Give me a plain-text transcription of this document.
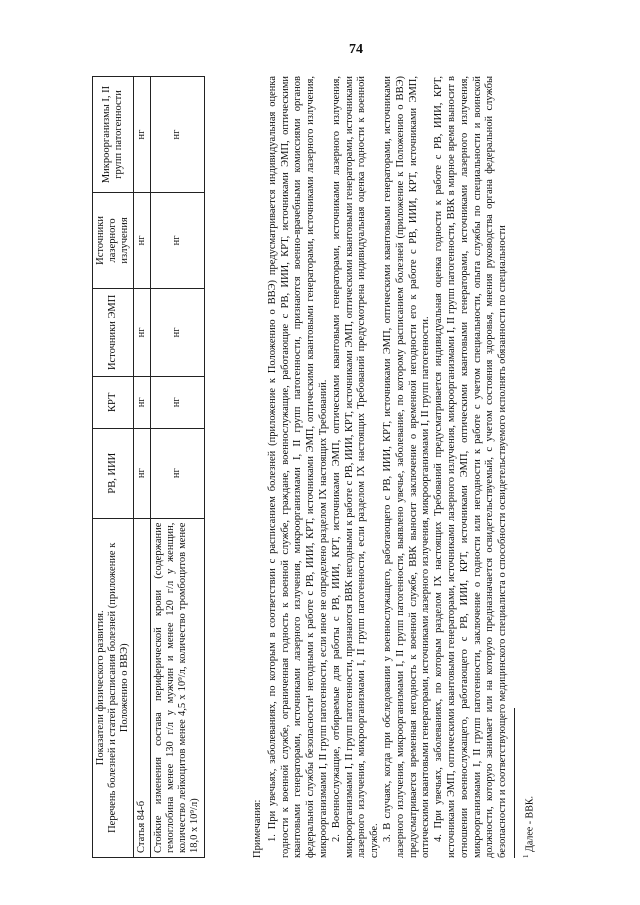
74
Показатели физического развития. Перечень болезней и статей расписания болезней (приложение к Положению о ВВЭ)	РВ, ИИИ	КРТ	Источники ЭМП	Источники лазерного излучения	Микроорганизмы I, II групп патогенности
Статья 84-б	нг	нг	нг	нг	нг
Стойкие изменения состава периферической крови (содержание гемоглобина менее 130 г/л у мужчин и менее 120 г/л у женщин, количество лейкоцитов менее 4,5 х 10⁹/л, количество тромбоцитов менее 18,0 х 10⁹/л)	нг	нг	нг	нг	нг
Примечания: 1. При увечьях, заболеваниях, по которым в соответствии с расписанием болезней (приложение к Положению о ВВЭ) предусматривается индивидуальная оценка годности к военной службе, ограниченная годность к военной службе, граждане, военнослужащие, работающие с РВ, ИИИ, КРТ, источниками ЭМП, оптическими квантовыми генераторами, источниками лазерного излучения, микроорганизмами I, II групп патогенности, признаются военно-врачебными комиссиями органов федеральной службы безопасности¹ негодными к работе с РВ, ИИИ, КРТ, источниками ЭМП, оптическими квантовыми генераторами, источниками лазерного излучения, микроорганизмами I, II групп патогенности, если иное не определено разделом IX настоящих Требований. 2. Военнослужащие, отбираемые для работы с РВ, ИИИ, КРТ, источниками ЭМП, оптическими квантовыми генераторами, источниками лазерного излучения, микроорганизмами I, II групп патогенности, признаются ВВК негодными к работе с РВ, ИИИ, КРТ, источниками ЭМП, оптическими квантовыми генераторами, источниками лазерного излучения, микроорганизмами I, II групп патогенности, если разделом IX настоящих Требований предусмотрена индивидуальная оценка годности к военной службе. 3. В случаях, когда при обследовании у военнослужащего, работающего с РВ, ИИИ, КРТ, источниками ЭМП, оптическими квантовыми генераторами, источниками лазерного излучения, микроорганизмами I, II групп патогенности, выявлено увечье, заболевание, по которому расписанием болезней (приложение к Положению о ВВЭ) предусматривается временная негодность к военной службе, ВВК выносит заключение о временной негодности его к работе с РВ, ИИИ, КРТ, источниками ЭМП, оптическими квантовыми генераторами, источниками лазерного излучения, микроорганизмами I, II групп патогенности. 4. При увечьях, заболеваниях, по которым разделом IX настоящих Требований предусматривается индивидуальная оценка годности к работе с РВ, ИИИ, КРТ, источниками ЭМП, оптическими квантовыми генераторами, источниками лазерного излучения, микроорганизмами I, II групп патогенности, ВВК в мирное время выносит в отношении военнослужащего, работающего с РВ, ИИИ, КРТ, источниками ЭМП, оптическими квантовыми генераторами, источниками лазерного излучения, микроорганизмами I, II групп патогенности, заключение о годности или негодности к работе с учетом специальности, опыта службы по специальности и воинской должности, которую занимает или на которую предназначается освидетельствуемый, с учетом состояния здоровья, мнения руководства органа федеральной службы безопасности и соответствующего медицинского специалиста о способности освидетельствуемого исполнять обязанности по специальности $^1$ Далее - ВВК.
